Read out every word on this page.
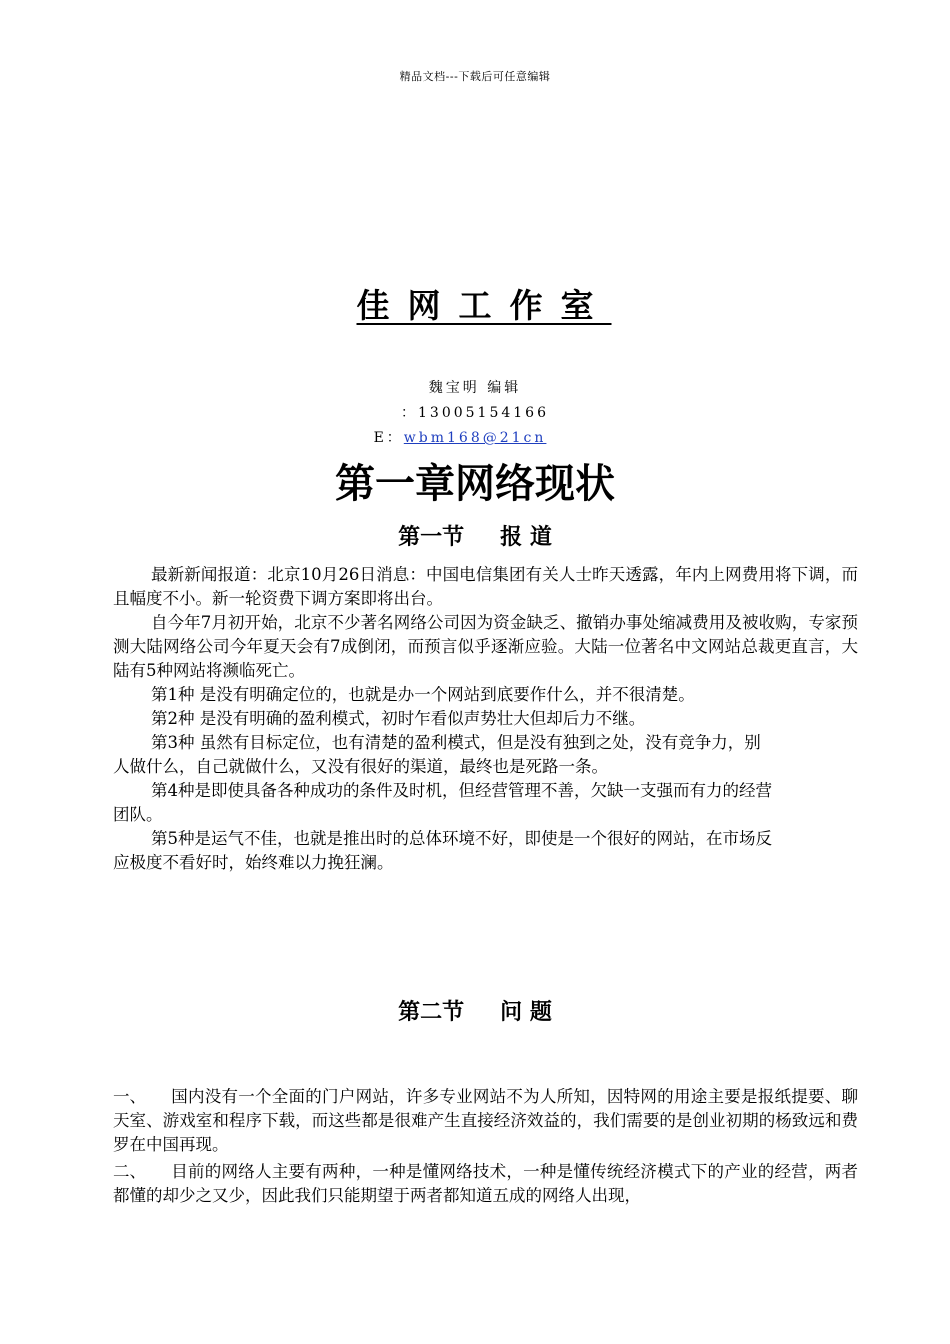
精品文档---下载后可任意编辑
佳网工作室
魏宝明 编辑
：13005154166
E：wbm168@21cn
第一章网络现状
第一节 报 道

最新新闻报道：北京10月26日消息：中国电信集团有关人士昨天透露，年内上网费用将下调，而且幅度不小。新一轮资费下调方案即将出台。

自今年7月初开始，北京不少著名网络公司因为资金缺乏、撤销办事处缩减费用及被收购，专家预测大陆网络公司今年夏天会有7成倒闭，而预言似乎逐渐应验。大陆一位著名中文网站总裁更直言，大陆有5种网站将濒临死亡。

第1种 是没有明确定位的，也就是办一个网站到底要作什么，并不很清楚。

第2种 是没有明确的盈利模式，初时乍看似声势壮大但却后力不继。

第3种 虽然有目标定位，也有清楚的盈利模式，但是没有独到之处，没有竞争力，别

人做什么，自己就做什么，又没有很好的渠道，最终也是死路一条。

第4种是即使具备各种成功的条件及时机，但经营管理不善，欠缺一支强而有力的经营

团队。

第5种是运气不佳，也就是推出时的总体环境不好，即使是一个很好的网站，在市场反

应极度不看好时，始终难以力挽狂澜。

第二节 问 题

一、 国内没有一个全面的门户网站，许多专业网站不为人所知，因特网的用途主要是报纸提要、聊天室、游戏室和程序下载，而这些都是很难产生直接经济效益的，我们需要的是创业初期的杨致远和费罗在中国再现。

二、 目前的网络人主要有两种，一种是懂网络技术，一种是懂传统经济模式下的产业的经营，两者都懂的却少之又少，因此我们只能期望于两者都知道五成的网络人出现，
